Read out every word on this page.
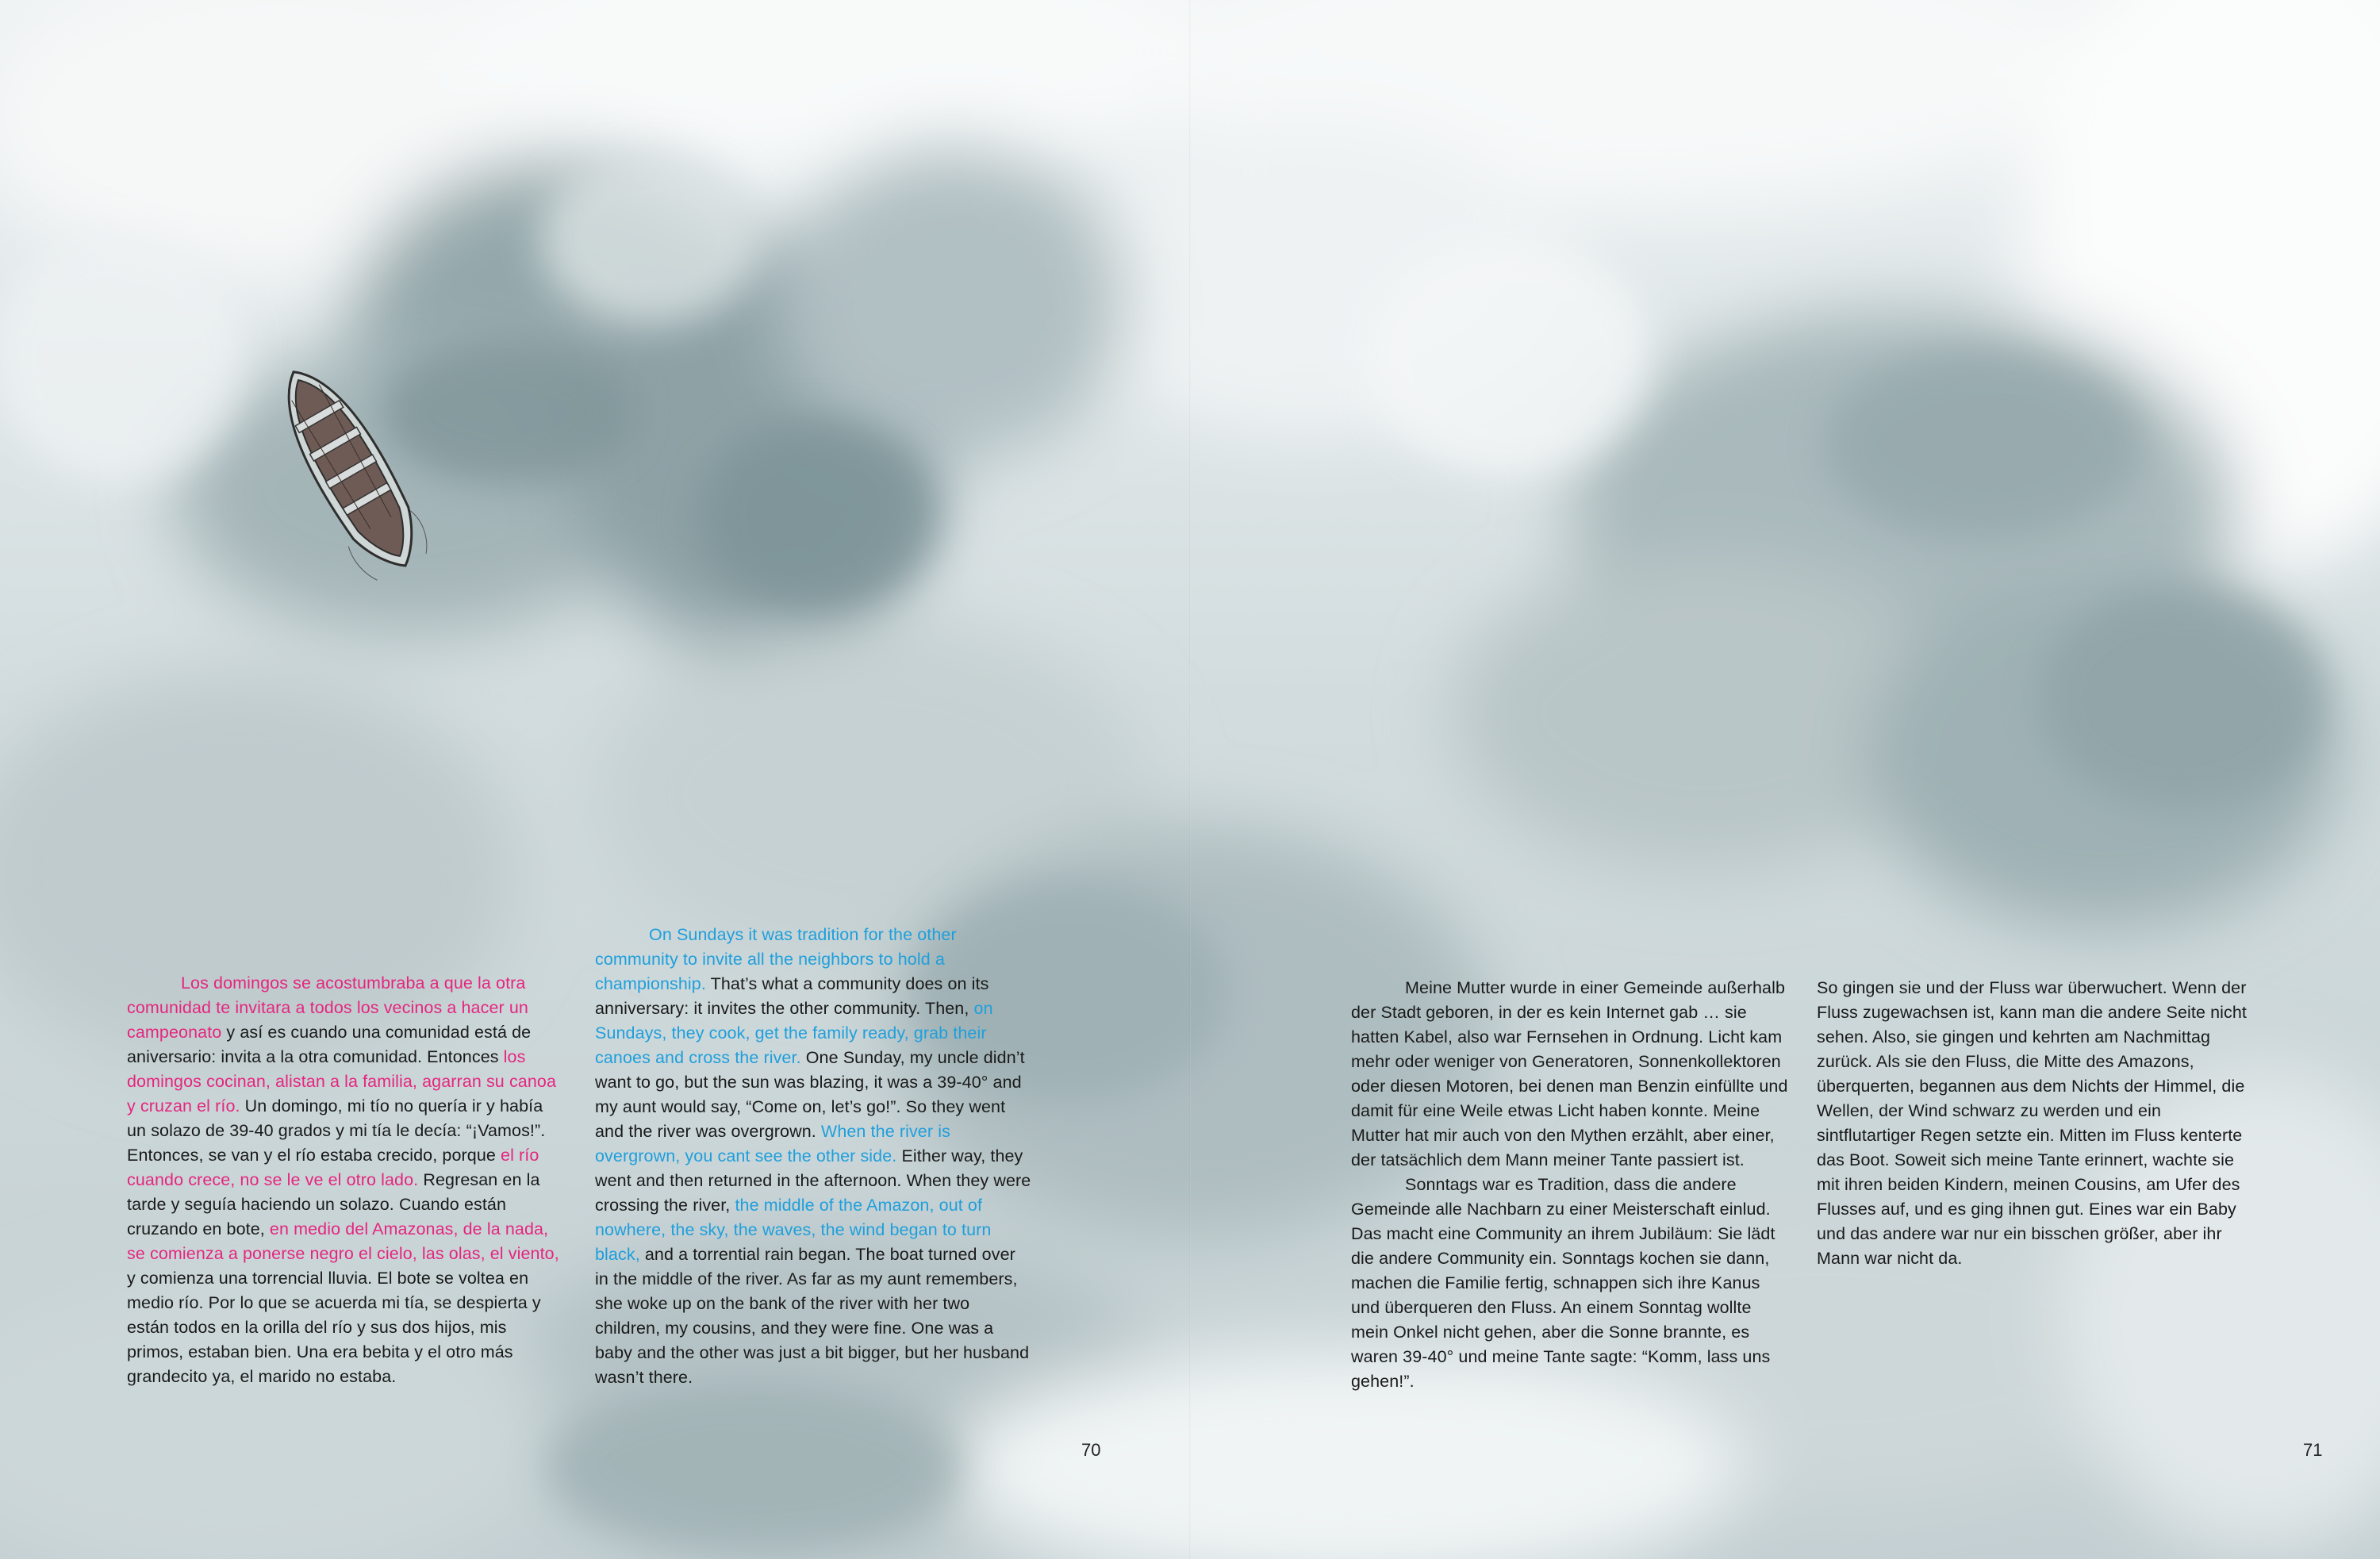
Los domingos se acostumbraba a que la otra comunidad te invitara a todos los vecinos a hacer un campeonato y así es cuando una comunidad está de aniversario: invita a la otra comunidad. Entonces los domingos cocinan, alistan a la familia, agarran su canoa y cruzan el río. Un domingo, mi tío no quería ir y había un solazo de 39-40 grados y mi tía le decía: “¡Vamos!”. Entonces, se van y el río estaba crecido, porque el río cuando crece, no se le ve el otro lado. Regresan en la tarde y seguía haciendo un solazo. Cuando están cruzando en bote, en medio del Amazonas, de la nada, se comienza a ponerse negro el cielo, las olas, el viento, y comienza una torrencial lluvia. El bote se voltea en medio río. Por lo que se acuerda mi tía, se despierta y están todos en la orilla del río y sus dos hijos, mis primos, estaban bien. Una era bebita y el otro más grandecito ya, el marido no estaba.

On Sundays it was tradition for the other community to invite all the neighbors to hold a championship. That’s what a community does on its anniversary: it invites the other community. Then, on Sundays, they cook, get the family ready, grab their canoes and cross the river. One Sunday, my uncle didn’t want to go, but the sun was blazing, it was a 39-40° and my aunt would say, “Come on, let’s go!”. So they went and the river was overgrown. When the river is overgrown, you cant see the other side. Either way, they went and then returned in the afternoon. When they were crossing the river, the middle of the Amazon, out of nowhere, the sky, the waves, the wind began to turn black, and a torrential rain began. The boat turned over in the middle of the river. As far as my aunt remembers, she woke up on the bank of the river with her two children, my cousins, and they were fine. One was a baby and the other was just a bit bigger, but her husband wasn’t there.

70

Meine Mutter wurde in einer Gemeinde außerhalb der Stadt geboren, in der es kein Internet gab … sie hatten Kabel, also war Fernsehen in Ordnung. Licht kam mehr oder weniger von Generatoren, Sonnenkollektoren oder diesen Motoren, bei denen man Benzin einfüllte und damit für eine Weile etwas Licht haben konnte. Meine Mutter hat mir auch von den Mythen erzählt, aber einer, der tatsächlich dem Mann meiner Tante passiert ist.

Sonntags war es Tradition, dass die andere Gemeinde alle Nachbarn zu einer Meisterschaft einlud. Das macht eine Community an ihrem Jubiläum: Sie lädt die andere Community ein. Sonntags kochen sie dann, machen die Familie fertig, schnappen sich ihre Kanus und überqueren den Fluss. An einem Sonntag wollte mein Onkel nicht gehen, aber die Sonne brannte, es waren 39-40° und meine Tante sagte: “Komm, lass uns gehen!”.

So gingen sie und der Fluss war überwuchert. Wenn der Fluss zugewachsen ist, kann man die andere Seite nicht sehen. Also, sie gingen und kehrten am Nachmittag zurück. Als sie den Fluss, die Mitte des Amazons, überquerten, begannen aus dem Nichts der Himmel, die Wellen, der Wind schwarz zu werden und ein sintflutartiger Regen setzte ein. Mitten im Fluss kenterte das Boot. Soweit sich meine Tante erinnert, wachte sie mit ihren beiden Kindern, meinen Cousins, am Ufer des Flusses auf, und es ging ihnen gut. Eines war ein Baby und das andere war nur ein bisschen größer, aber ihr Mann war nicht da.

71
